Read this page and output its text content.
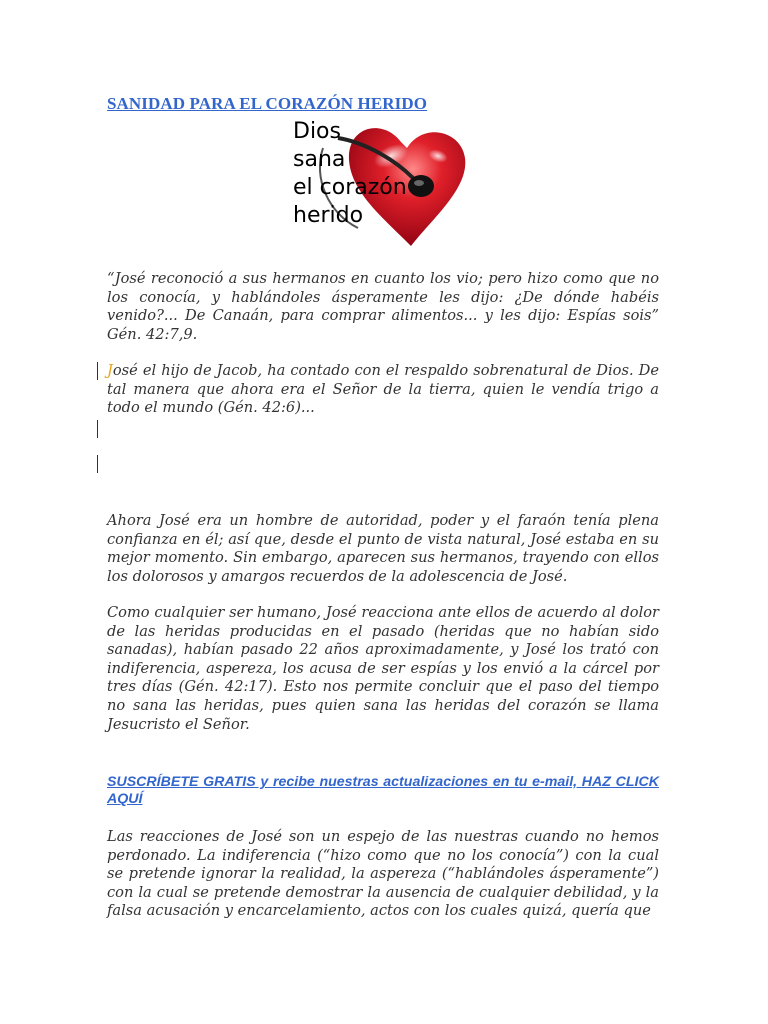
SANIDAD PARA EL CORAZÓN HERIDO
Dios
sana
el corazón
herido

“José reconoció a sus hermanos en cuanto los vio; pero hizo como que no los conocía, y hablándoles ásperamente les dijo: ¿De dónde habéis venido?... De Canaán, para comprar alimentos... y les dijo: Espías sois” Gén. 42:7,9.

José el hijo de Jacob, ha contado con el respaldo sobrenatural de Dios. De tal manera que ahora era el Señor de la tierra, quien le vendía trigo a todo el mundo (Gén. 42:6)...

Ahora José era un hombre de autoridad, poder y el faraón tenía plena confianza en él; así que, desde el punto de vista natural, José estaba en su mejor momento. Sin embargo, aparecen sus hermanos, trayendo con ellos los dolorosos y amargos recuerdos de la adolescencia de José.

Como cualquier ser humano, José reacciona ante ellos de acuerdo al dolor de las heridas producidas en el pasado (heridas que no habían sido sanadas), habían pasado 22 años aproximadamente, y José los trató con indiferencia, aspereza, los acusa de ser espías y los envió a la cárcel por tres días (Gén. 42:17). Esto nos permite concluir que el paso del tiempo no sana las heridas, pues quien sana las heridas del corazón se llama Jesucristo el Señor.

SUSCRÍBETE GRATIS y recibe nuestras actualizaciones en tu e-mail, HAZ CLICK AQUÍ

Las reacciones de José son un espejo de las nuestras cuando no hemos perdonado. La indiferencia (“hizo como que no los conocía”) con la cual se pretende ignorar la realidad, la aspereza (“hablándoles ásperamente”) con la cual se pretende demostrar la ausencia de cualquier debilidad, y la falsa acusación y encarcelamiento, actos con los cuales quizá, quería que
